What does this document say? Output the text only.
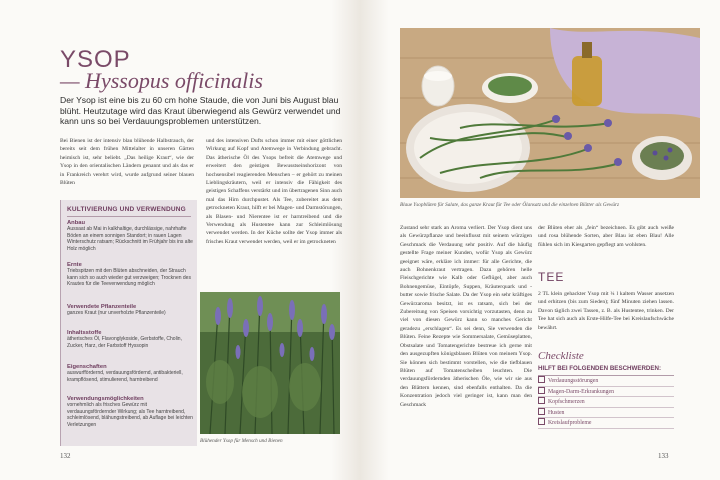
YSOP
— Hyssopus officinalis
Der Ysop ist eine bis zu 60 cm hohe Staude, die von Juni bis August blau blüht. Heutzutage wird das Kraut überwiegend als Gewürz verwendet und kann uns so bei Verdauungsproblemen unterstützen.
Bei Bienen ist der intensiv blau blühende Halbstrauch, der bereits seit dem frühen Mittelalter in unseren Gärten heimisch ist, sehr beliebt. „Das heilige Kraut“, wie der Ysop in den orientalischen Ländern genannt und als das er in Frankreich verehrt wird, wurde aufgrund seiner blauen Blüten
und des intensiven Dufts schon immer mit einer göttlichen Wirkung auf Kopf und Atemwege in Verbindung gebracht. Das ätherische Öl des Ysops befreit die Atemwege und erweitert den geistigen Bewusstseinshorizont von hochsensibel reagierenden Menschen – er gehört zu meinen Lieblingskräutern, weil er intensiv die Fähigkeit des geistigen Schaffens verstärkt und im übertragenen Sinn auch mal das Hirn durchpustet. Als Tee, zubereitet aus dem getrockneten Kraut, hilft er bei Magen- und Darmstörungen, als Blasen- und Nierentee ist er harntreibend und die Verwendung als Hustentee kann zur Schleimlösung verwendet werden. In der Küche sollte der Ysop immer als frisches Kraut verwendet werden, weil er im getrockneten
KULTIVIERUNG UND VERWENDUNG
Anbau
Aussaat ab Mai in kalkhaltige, durchlässige, nahrhafte Böden an einem sonnigen Standort; in rauen Lagen Winterschutz ratsam; Rückschnitt im Frühjahr bis ins alte Holz möglich
Ernte
Triebspitzen mit den Blüten abschneiden, der Strauch kann sich so auch wieder gut verzweigen; Trocknen des Krautes für die Teeverwendung möglich
Verwendete Pflanzenteile
ganzes Kraut (nur unverholzte Pflanzenteile)
Inhaltsstoffe
ätherisches Öl, Flavonglykoside, Gerbstoffe, Cholin, Zucker, Harz, der Farbstoff Hyssopin
Eigenschaften
auswurffördernd, verdauungsfördernd, antibakteriell, krampflösend, stimulierend, harntreibend
Verwendungsmöglichkeiten
vornehmlich als frisches Gewürz mit verdauungsfördernder Wirkung; als Tee harntreibend, schleimlösend, blähungstreibend, ab Auflage bei leichten Verletzungen
Blühender Ysop für Mensch und Bienen
132
Blaue Ysopblüten für Salate, das ganze Kraut für Tee oder Ölansatz und die einzelnen Blätter als Gewürz
Zustand sehr stark an Aroma verliert. Der Ysop dient uns als Gewürzpflanze und beeinflusst mit seinem würzigen Geschmack die Verdauung sehr positiv. Auf die häufig gestellte Frage meiner Kunden, wofür Ysop als Gewürz geeignet wäre, erkläre ich immer: für alle Gerichte, die auch Bohnenkraut vertragen. Dazu gehören helle Fleischgerichte wie Kalb oder Geflügel, aber auch Bohnengemüse, Eintöpfe, Suppen, Kräuterquark und -butter sowie frische Salate. Da der Ysop ein sehr kräftiges Gewürzaroma besitzt, ist es ratsam, sich bei der Zubereitung von Speisen vorsichtig vorzutasten, denn zu viel von diesen Gewürz kann so manches Gericht geradezu „erschlagen“. Es sei denn, Sie verwenden die Blüten. Feine Rezepte wie Sommersalate, Gemüseplatten, Obstsalate und Tomatengerichte bestreue ich gerne mit den ausgezupften königsblauen Blüten von meinem Ysop. Sie können sich bestimmt vorstellen, wie die tiefblauen Blüten auf Tomatenscheiben leuchten. Die verdauungsfördernden ätherischen Öle, wie wir sie aus den Blättern kennen, sind ebenfalls enthalten. Da die Konzentration jedoch viel geringer ist, kann man den Geschmack
der Blüten eher als „fein“ bezeichnen. Es gibt auch weiße und rosa blühende Sorten, aber Blau ist eben Blau! Alle fühlen sich im Kiesgarten gepflegt am wohlsten.
TEE
2 TL klein gehackter Ysop mit ¼ l kaltem Wasser ansetzen und erhitzen (bis zum Sieden); fünf Minuten ziehen lassen. Davon täglich zwei Tassen, z. B. als Hustentee, trinken. Der Tee hat sich auch als Erste-Hilfe-Tee bei Kreislaufschwäche bewährt.
Checkliste
HILFT BEI FOLGENDEN BESCHWERDEN:
Verdauungsstörungen
Magen-Darm-Erkrankungen
Kopfschmerzen
Husten
Kreislaufprobleme
133
